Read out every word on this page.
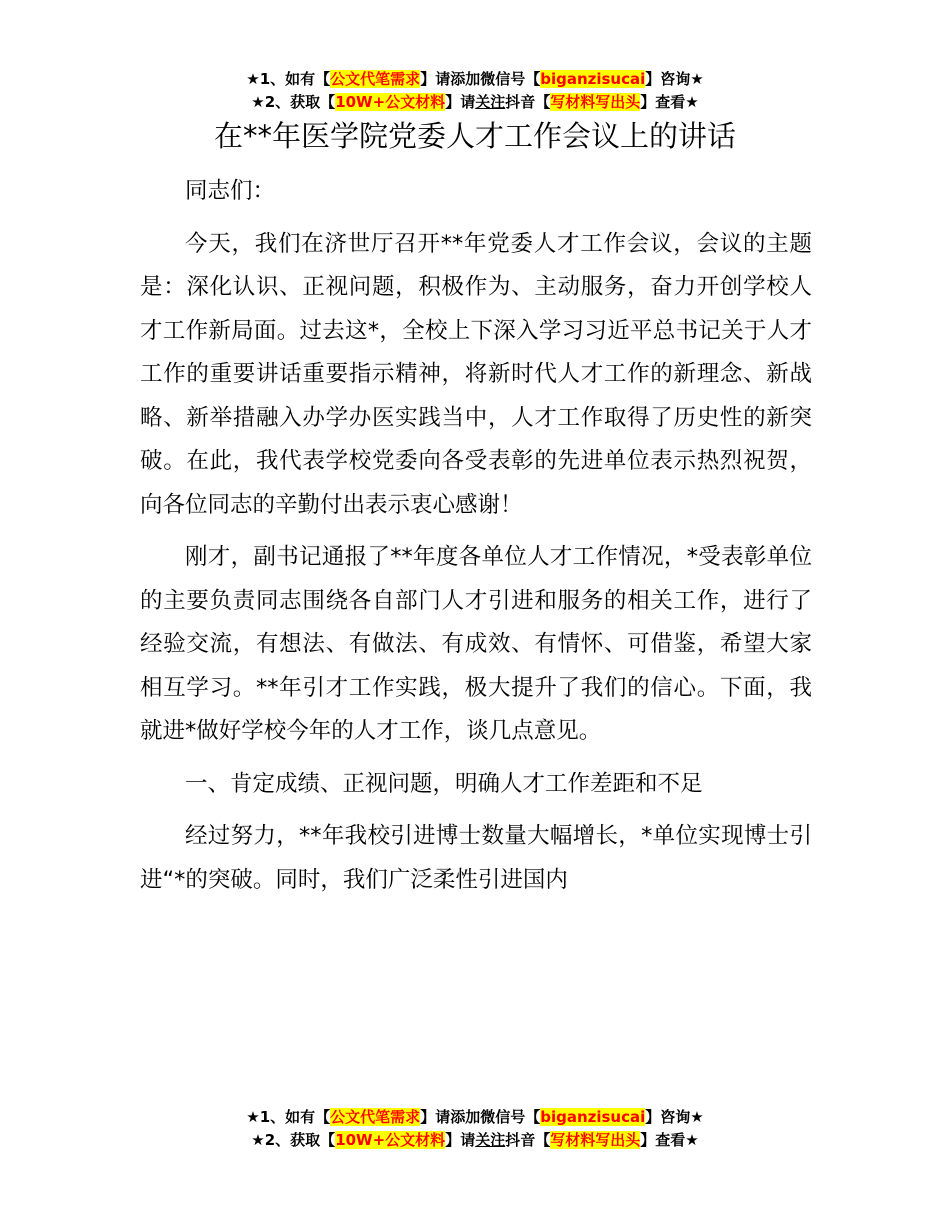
★1、如有【公文代笔需求】请添加微信号【biganzisucai】咨询★
★2、获取【10W+公文材料】请关注抖音【写材料写出头】查看★
在**年医学院党委人才工作会议上的讲话

同志们：

今天，我们在济世厅召开**年党委人才工作会议，会议的主题是：深化认识、正视问题，积极作为、主动服务，奋力开创学校人才工作新局面。过去这*，全校上下深入学习习近平总书记关于人才工作的重要讲话重要指示精神，将新时代人才工作的新理念、新战略、新举措融入办学办医实践当中，人才工作取得了历史性的新突破。在此，我代表学校党委向各受表彰的先进单位表示热烈祝贺，向各位同志的辛勤付出表示衷心感谢！

刚才，副书记通报了**年度各单位人才工作情况，*受表彰单位的主要负责同志围绕各自部门人才引进和服务的相关工作，进行了经验交流，有想法、有做法、有成效、有情怀、可借鉴，希望大家相互学习。**年引才工作实践，极大提升了我们的信心。下面，我就进*做好学校今年的人才工作，谈几点意见。

一、肯定成绩、正视问题，明确人才工作差距和不足

经过努力，**年我校引进博士数量大幅增长，*单位实现博士引进“*的突破。同时，我们广泛柔性引进国内

★1、如有【公文代笔需求】请添加微信号【biganzisucai】咨询★
★2、获取【10W+公文材料】请关注抖音【写材料写出头】查看★
